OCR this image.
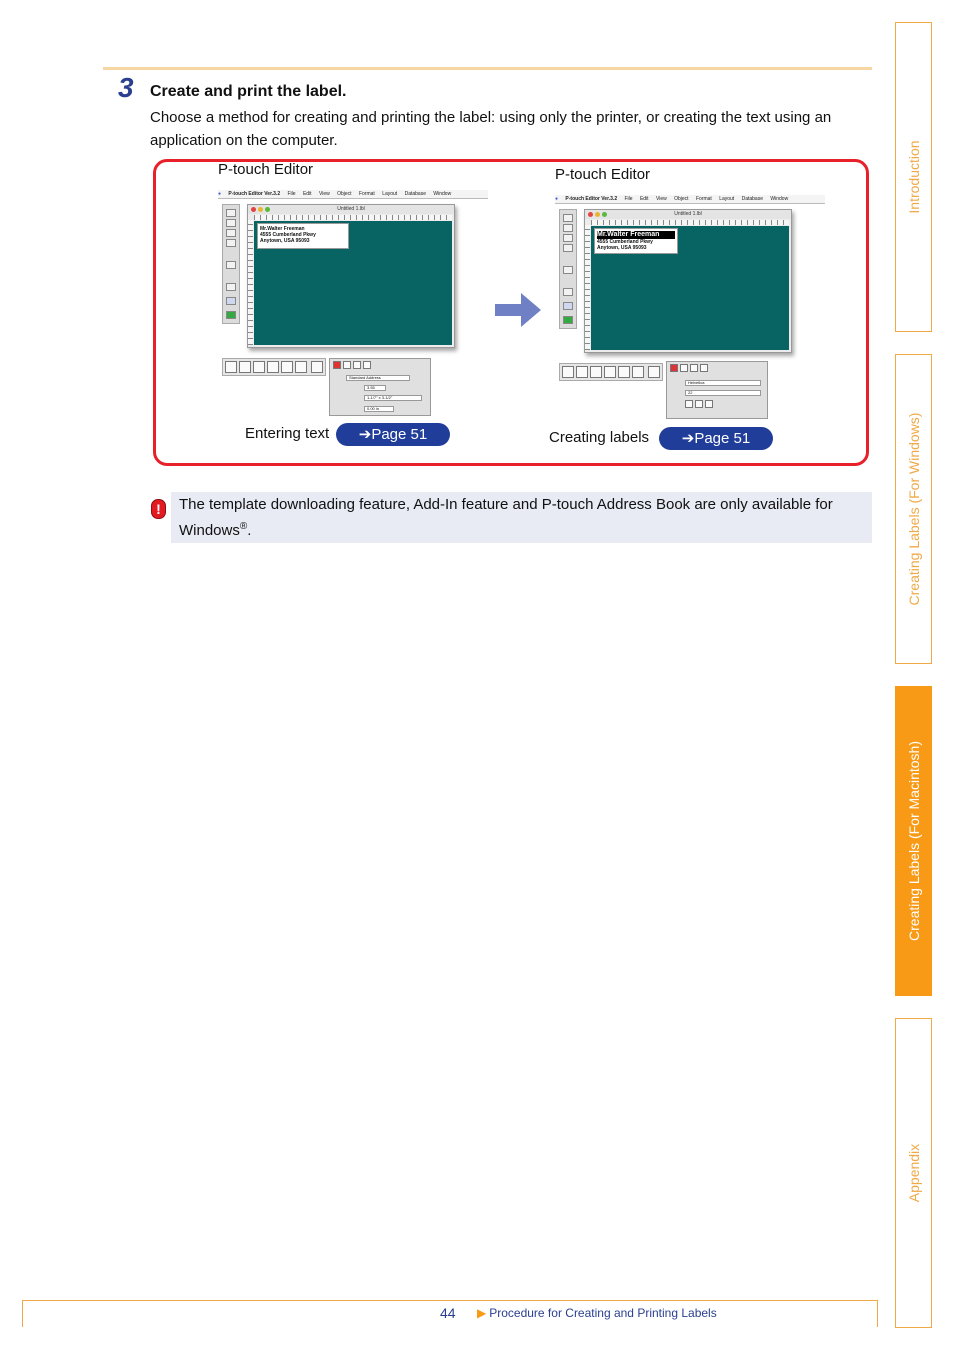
3 Create and print the label.
Choose a method for creating and printing the label: using only the printer, or creating the text using an application on the computer.
P-touch Editor
● P-touch Editor Ver.3.2 File Edit View Object Format Layout Database Window
Untitled 1.lbl
Mr.Walter Freeman
4555 Cumberland Pkwy
Anytown, USA 95093
Standard Address
3.55
1-1/7" x 3-1/2"
0.00 in
Entering text	➔Page 51
P-touch Editor
● P-touch Editor Ver.3.2 File Edit View Object Format Layout Database Window
Untitled 1.lbl
Mr.Walter Freeman
4555 Cumberland Pkwy
Anytown, USA 95093
Helvetica
22
Creating labels	➔Page 51
!	The template downloading feature, Add-In feature and P-touch Address Book are only available for Windows®.
Introduction
Creating Labels (For Windows)
Creating Labels (For Macintosh)
Appendix
44 ▶ Procedure for Creating and Printing Labels
